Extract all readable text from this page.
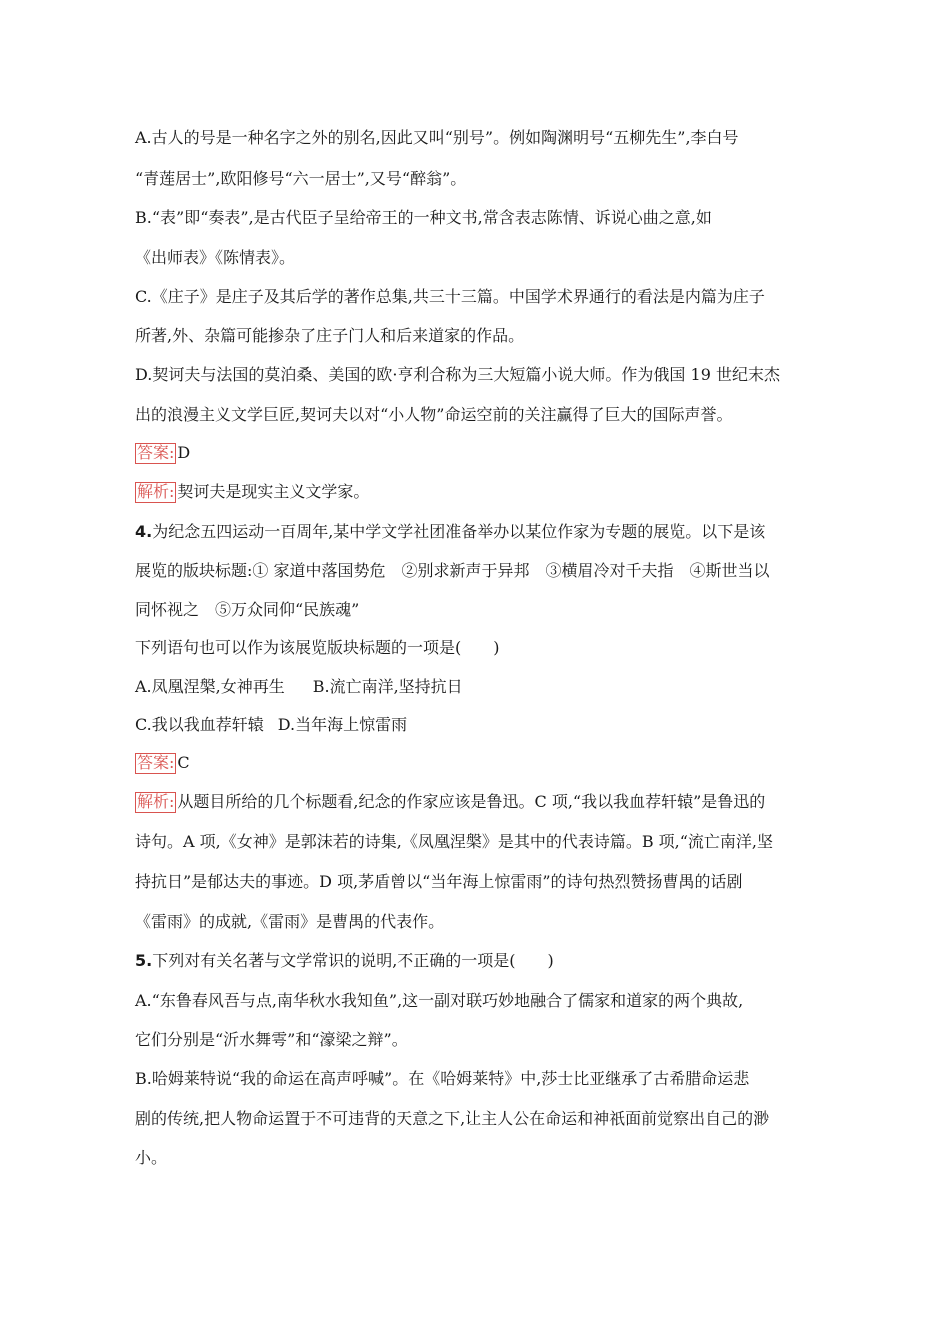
A.古人的号是一种名字之外的别名,因此又叫“别号”。例如陶渊明号“五柳先生”,李白号
“青莲居士”,欧阳修号“六一居士”,又号“醉翁”。
B.“表”即“奏表”,是古代臣子呈给帝王的一种文书,常含表志陈情、诉说心曲之意,如
《出师表》《陈情表》。
C.《庄子》是庄子及其后学的著作总集,共三十三篇。中国学术界通行的看法是内篇为庄子
所著,外、杂篇可能掺杂了庄子门人和后来道家的作品。
D.契诃夫与法国的莫泊桑、美国的欧·亨利合称为三大短篇小说大师。作为俄国 19 世纪末杰
出的浪漫主义文学巨匠,契诃夫以对“小人物”命运空前的关注赢得了巨大的国际声誉。
答案: D
解析: 契诃夫是现实主义文学家。
4.为纪念五四运动一百周年,某中学文学社团准备举办以某位作家为专题的展览。以下是该
展览的版块标题:① 家道中落国势危　②别求新声于异邦　③横眉冷对千夫指　④斯世当以
同怀视之　⑤万众同仰“民族魂”
下列语句也可以作为该展览版块标题的一项是(　　)
A.凤凰涅槃,女神再生 B.流亡南洋,坚持抗日
C.我以我血荐轩辕 D.当年海上惊雷雨
答案: C
解析: 从题目所给的几个标题看,纪念的作家应该是鲁迅。C 项,“我以我血荐轩辕”是鲁迅的
诗句。A 项,《女神》是郭沫若的诗集,《凤凰涅槃》是其中的代表诗篇。B 项,“流亡南洋,坚
持抗日”是郁达夫的事迹。D 项,茅盾曾以“当年海上惊雷雨”的诗句热烈赞扬曹禺的话剧
《雷雨》的成就,《雷雨》是曹禺的代表作。
5.下列对有关名著与文学常识的说明,不正确的一项是(　　)
A.“东鲁春风吾与点,南华秋水我知鱼”,这一副对联巧妙地融合了儒家和道家的两个典故,
它们分别是“沂水舞雩”和“濠梁之辩”。
B.哈姆莱特说“我的命运在高声呼喊”。在《哈姆莱特》中,莎士比亚继承了古希腊命运悲
剧的传统,把人物命运置于不可违背的天意之下,让主人公在命运和神祇面前觉察出自己的渺
小。
